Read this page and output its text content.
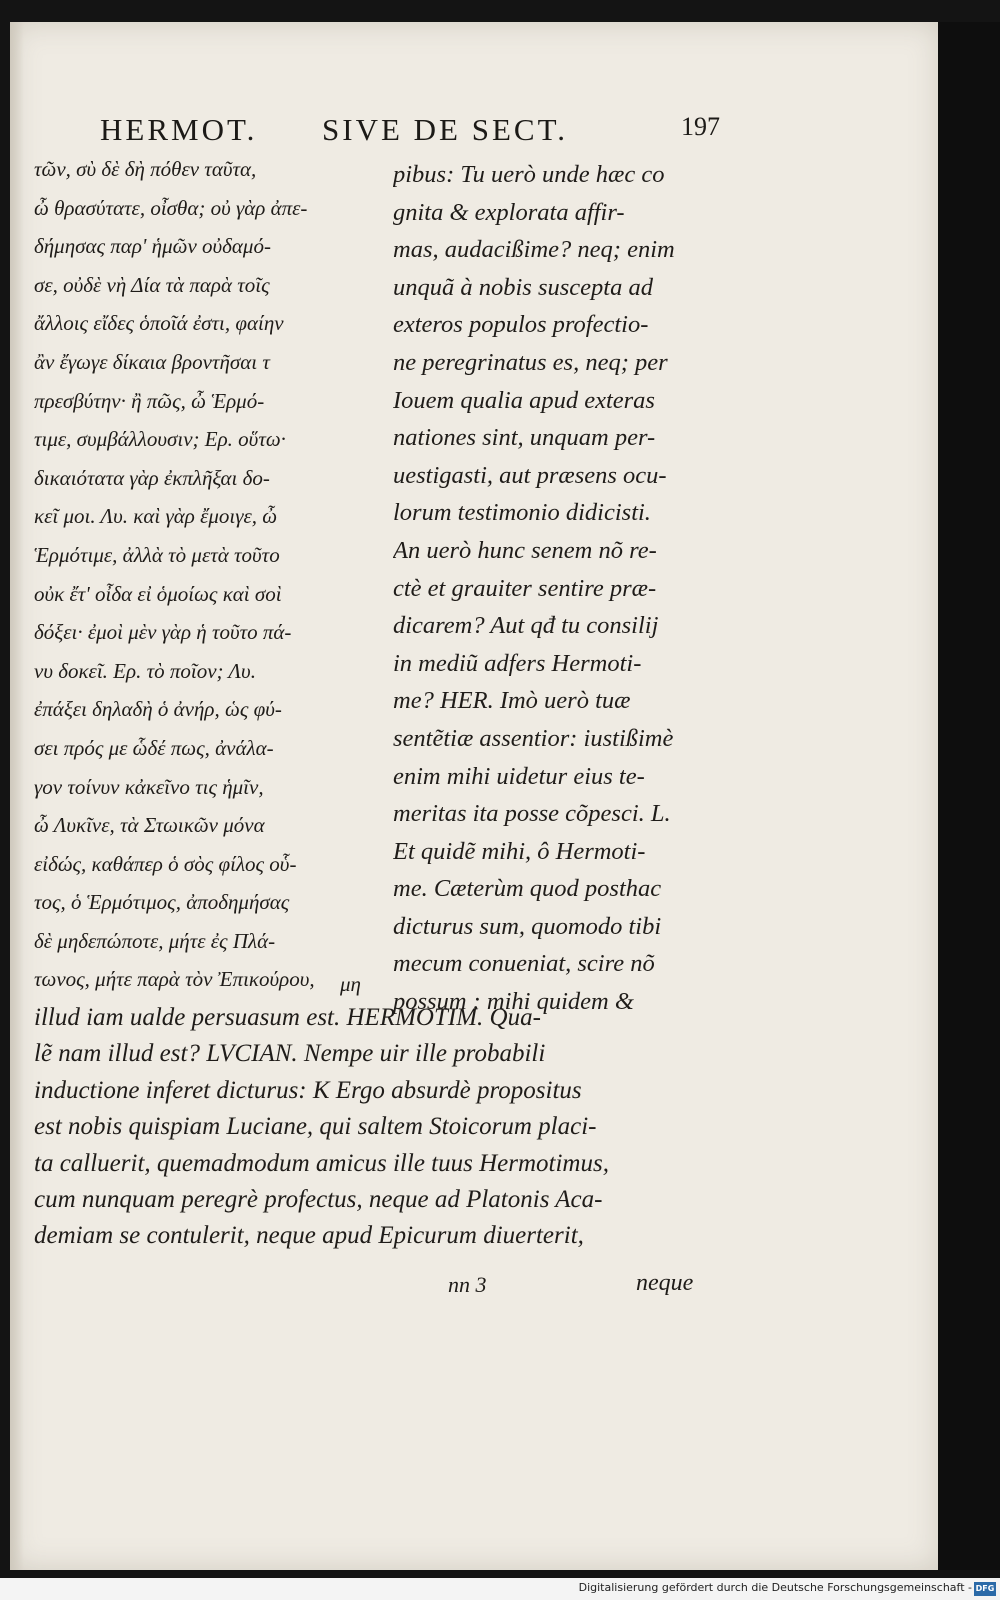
HERMOT. SIVE DE SECT.	197
τῶν, σὺ δὲ δὴ πόθεν ταῦτα,
ὦ θρασύτατε, οἶσθα; οὐ γὰρ ἀπε-
δήμησας παρ' ἡμῶν οὐδαμό-
σε, οὐδὲ νὴ Δία τὰ παρὰ τοῖς
ἄλλοις εἴδες ὁποῖά ἐστι, φαίην
ἂν ἔγωγε δίκαια βροντῆσαι τ
πρεσβύτην· ἢ πῶς, ὦ Ἑρμό-
τιμε, συμβάλλουσιν; Ερ. οὕτω·
δικαιότατα γὰρ ἐκπλῆξαι δο-
κεῖ μοι. Λυ. καὶ γὰρ ἔμοιγε, ὦ
Ἑρμότιμε, ἀλλὰ τὸ μετὰ τοῦτο
οὐκ ἔτ' οἶδα εἰ ὁμοίως καὶ σοὶ
δόξει· ἐμοὶ μὲν γὰρ ἡ τοῦτο πά-
νυ δοκεῖ. Ερ. τὸ ποῖον; Λυ.
ἐπάξει δηλαδὴ ὁ ἀνήρ, ὡς φύ-
σει πρός με ὧδέ πως, ἀνάλα-
γον τοίνυν κἀκεῖνο τις ἡμῖν,
ὦ Λυκῖνε, τὰ Στωικῶν μόνα
εἰδώς, καθάπερ ὁ σὸς φίλος οὗ-
τος, ὁ Ἑρμότιμος, ἀποδημήσας
δὲ μηδεπώποτε, μήτε ἐς Πλά-
τωνος, μήτε παρὰ τὸν Ἐπικούρου,	μη
pibus: Tu uerò unde hæc co
gnita & explorata affir-
mas, audacißime? neq; enim
unquã à nobis suscepta ad
exteros populos profectio-
ne peregrinatus es, neq; per
Iouem qualia apud exteras
nationes sint, unquam per-
uestigasti, aut præsens ocu-
lorum testimonio didicisti.
An uerò hunc senem nõ re-
ctè et grauiter sentire præ-
dicarem? Aut qđ tu consilij
in mediũ adfers Hermoti-
me? HER. Imò uerò tuæ
sentẽtiæ assentior: iustißimè
enim mihi uidetur eius te-
meritas ita posse cõpesci. L.
Et quidẽ mihi, ô Hermoti-
me. Cæterùm quod posthac
dicturus sum, quomodo tibi
mecum conueniat, scire nõ
possum : mihi quidem &
illud iam ualde persuasum est. HERMOTIM. Qua-
lẽ nam illud est? LVCIAN. Nempe uir ille probabili
inductione inferet dicturus: K Ergo absurdè propositus
est nobis quispiam Luciane, qui saltem Stoicorum placi-
ta calluerit, quemadmodum amicus ille tuus Hermotimus,
cum nunquam peregrè profectus, neque ad Platonis Aca-
demiam se contulerit, neque apud Epicurum diuerterit,
nn 3	neque
Digitalisierung gefördert durch die Deutsche Forschungsgemeinschaft - DFG
